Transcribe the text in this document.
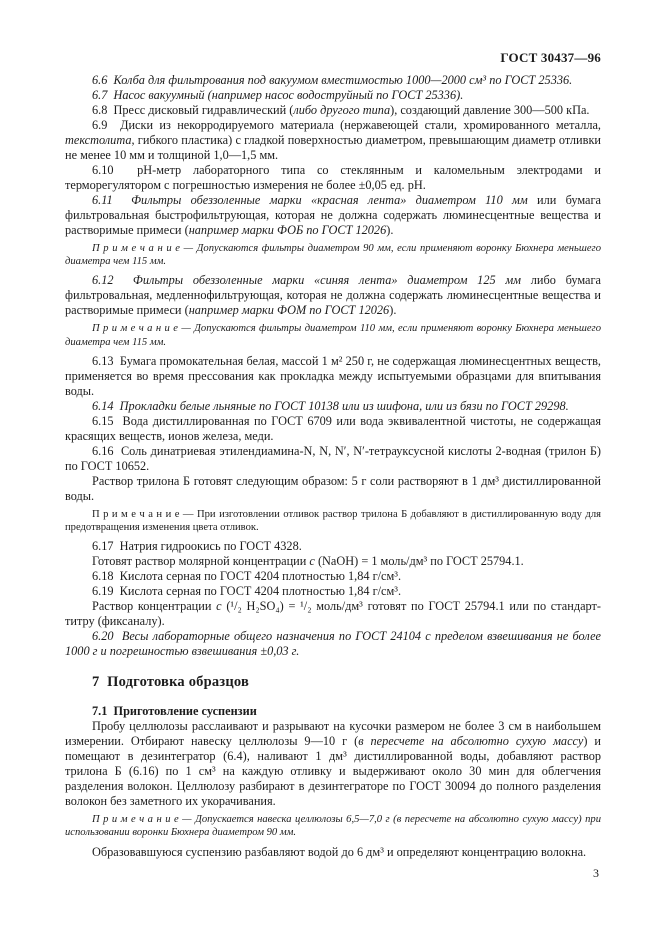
ГОСТ 30437—96

6.6  Колба для фильтрования под вакуумом вместимостью 1000—2000 см³ по ГОСТ 25336.

6.7  Насос вакуумный (например насос водоструйный по ГОСТ 25336).

6.8  Пресс дисковый гидравлический (либо другого типа), создающий давление 300—500 кПа.

6.9  Диски из некорродируемого материала (нержавеющей стали, хромированного металла, текстолита, гибкого пластика) с гладкой поверхностью диаметром, превышающим диаметр отливки не менее 10 мм и толщиной 1,0—1,5 мм.

6.10  pH-метр лабораторного типа со стеклянным и каломельным электродами и терморегулятором с погрешностью измерения не более ±0,05 ед. pH.

6.11  Фильтры обеззоленные марки «красная лента» диаметром 110 мм или бумага фильтровальная быстрофильтрующая, которая не должна содержать люминесцентные вещества и растворимые примеси (например марки ФОБ по ГОСТ 12026).

П р и м е ч а н и е — Допускаются фильтры диаметром 90 мм, если применяют воронку Бюхнера меньшего диаметра чем 115 мм.

6.12  Фильтры обеззоленные марки «синяя лента» диаметром 125 мм либо бумага фильтровальная, медленнофильтрующая, которая не должна содержать люминесцентные вещества и растворимые примеси (например марки ФОМ по ГОСТ 12026).

П р и м е ч а н и е — Допускаются фильтры диаметром 110 мм, если применяют воронку Бюхнера меньшего диаметра чем 115 мм.

6.13  Бумага промокательная белая, массой 1 м² 250 г, не содержащая люминесцентных веществ, применяется во время прессования как прокладка между испытуемыми образцами для впитывания воды.

6.14  Прокладки белые льняные по ГОСТ 10138 или из шифона, или из бязи по ГОСТ 29298.

6.15  Вода дистиллированная по ГОСТ 6709 или вода эквивалентной чистоты, не содержащая красящих веществ, ионов железа, меди.

6.16  Соль динатриевая этилендиамина-N, N, N′, N′-тетрауксусной кислоты 2-водная (трилон Б) по ГОСТ 10652.

Раствор трилона Б готовят следующим образом: 5 г соли растворяют в 1 дм³ дистиллированной воды.

П р и м е ч а н и е — При изготовлении отливок раствор трилона Б добавляют в дистиллированную воду для предотвращения изменения цвета отливок.

6.17  Натрия гидроокись по ГОСТ 4328.

Готовят раствор молярной концентрации c (NaOH) = 1 моль/дм³ по ГОСТ 25794.1.

6.18  Кислота серная по ГОСТ 4204 плотностью 1,84 г/см³.

6.19  Кислота серная по ГОСТ 4204 плотностью 1,84 г/см³.

Раствор концентрации c (¹/₂ H₂SO₄) = ¹/₂ моль/дм³ готовят по ГОСТ 25794.1 или по стандарт-титру (фиксаналу).

6.20  Весы лабораторные общего назначения по ГОСТ 24104 с пределом взвешивания не более 1000 г и погрешностью взвешивания ±0,03 г.

7  Подготовка образцов
7.1  Приготовление суспензии

Пробу целлюлозы расслаивают и разрывают на кусочки размером не более 3 см в наибольшем измерении. Отбирают навеску целлюлозы 9—10 г (в пересчете на абсолютно сухую массу) и помещают в дезинтегратор (6.4), наливают 1 дм³ дистиллированной воды, добавляют раствор трилона Б (6.16) по 1 см³ на каждую отливку и выдерживают около 30 мин для облегчения разделения волокон. Целлюлозу разбирают в дезинтеграторе по ГОСТ 30094 до полного разделения волокон без заметного их укорачивания.

П р и м е ч а н и е — Допускается навеска целлюлозы 6,5—7,0 г (в пересчете на абсолютно сухую массу) при использовании воронки Бюхнера диаметром 90 мм.

Образовавшуюся суспензию разбавляют водой до 6 дм³ и определяют концентрацию волокна.

3
